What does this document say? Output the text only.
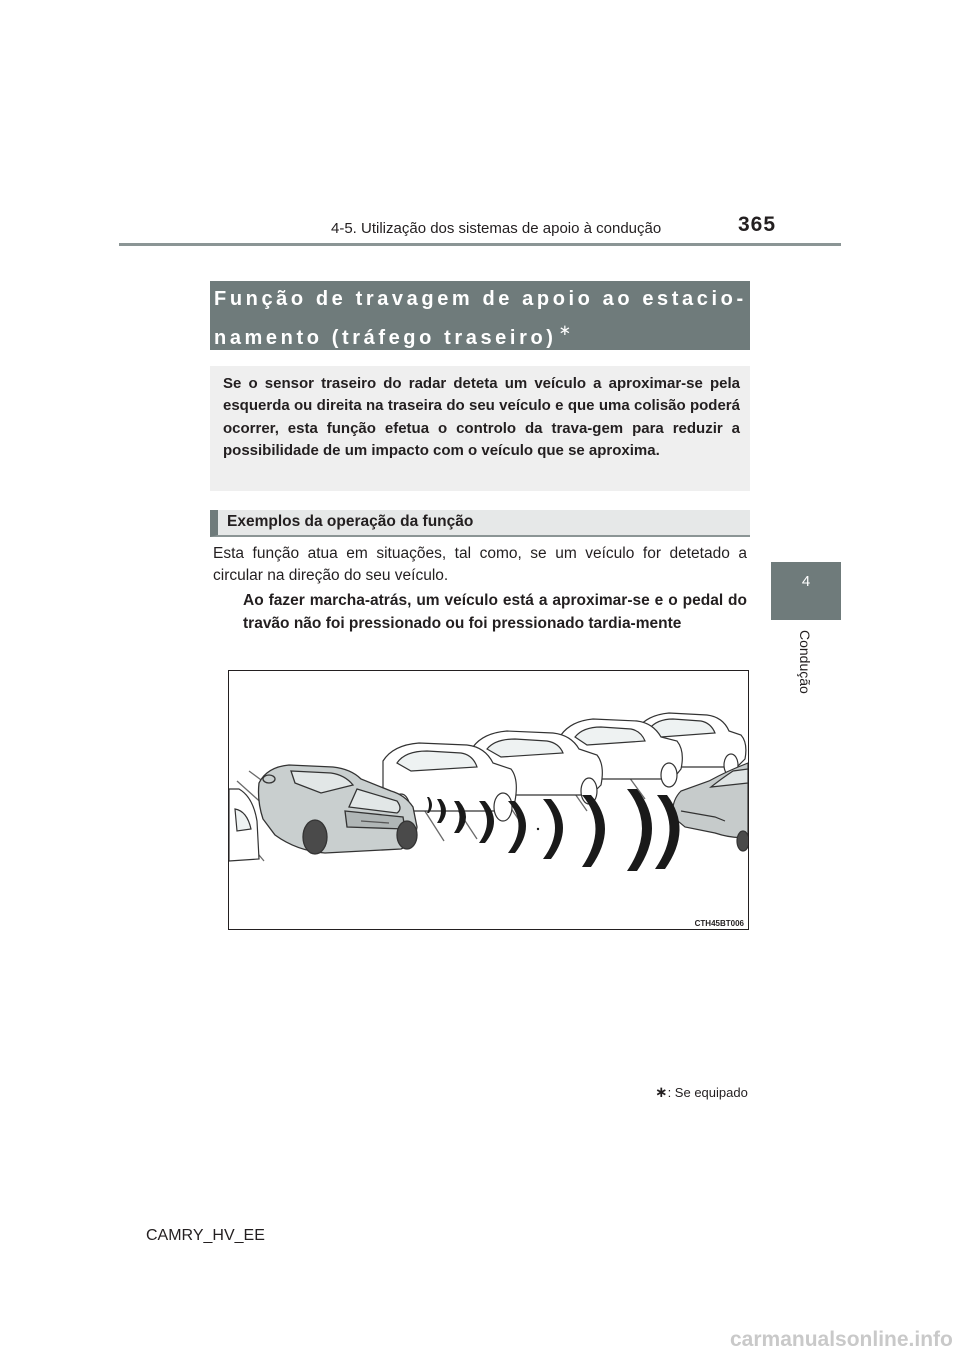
4-5. Utilização dos sistemas de apoio à condução	365
4
Condução
Função de travagem de apoio ao estacio-
namento (tráfego traseiro) ∗
Se o sensor traseiro do radar deteta um veículo a aproximar-se pela esquerda ou direita na traseira do seu veículo e que uma colisão poderá ocorrer, esta função efetua o controlo da trava-gem para reduzir a possibilidade de um impacto com o veículo que se aproxima.
Exemplos da operação da função
Esta função atua em situações, tal como, se um veículo for detetado a circular na direção do seu veículo.
Ao fazer marcha-atrás, um veículo está a aproximar-se e o pedal do travão não foi pressionado ou foi pressionado tardia-mente
CTH45BT006
∗: Se equipado
CAMRY_HV_EE
carmanualsonline.info
